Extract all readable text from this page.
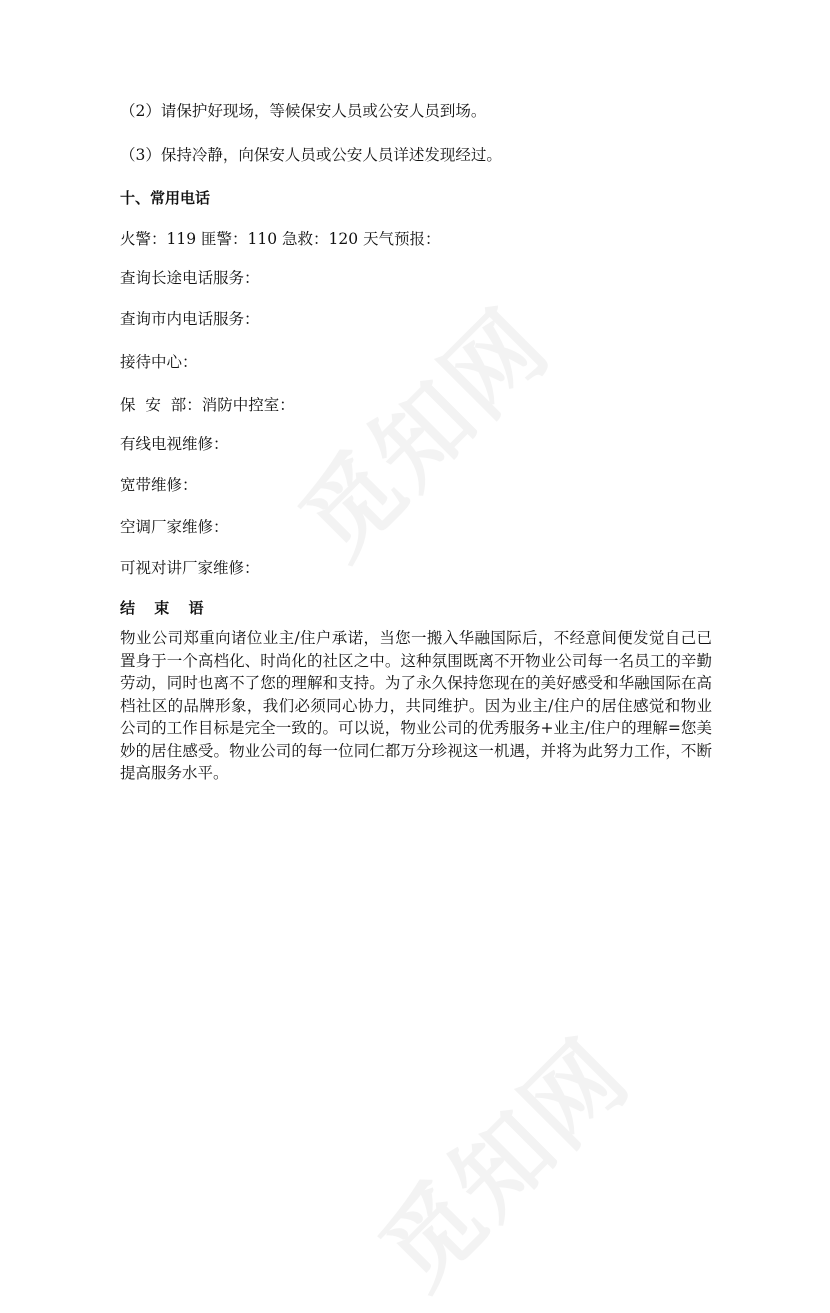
（2）请保护好现场，等候保安人员或公安人员到场。
（3）保持冷静，向保安人员或公安人员详述发现经过。
十、常用电话
火警：119 匪警：110 急救：120 天气预报：
查询长途电话服务：
查询市内电话服务：
接待中心：
保  安  部：消防中控室：
有线电视维修：
宽带维修：
空调厂家维修：
可视对讲厂家维修：
结 束 语
物业公司郑重向诸位业主/住户承诺，当您一搬入华融国际后，不经意间便发觉自己已置身于一个高档化、时尚化的社区之中。这种氛围既离不开物业公司每一名员工的辛勤劳动，同时也离不了您的理解和支持。为了永久保持您现在的美好感受和华融国际在高档社区的品牌形象，我们必须同心协力，共同维护。因为业主/住户的居住感觉和物业公司的工作目标是完全一致的。可以说，物业公司的优秀服务+业主/住户的理解=您美妙的居住感受。物业公司的每一位同仁都万分珍视这一机遇，并将为此努力工作，不断提高服务水平。
